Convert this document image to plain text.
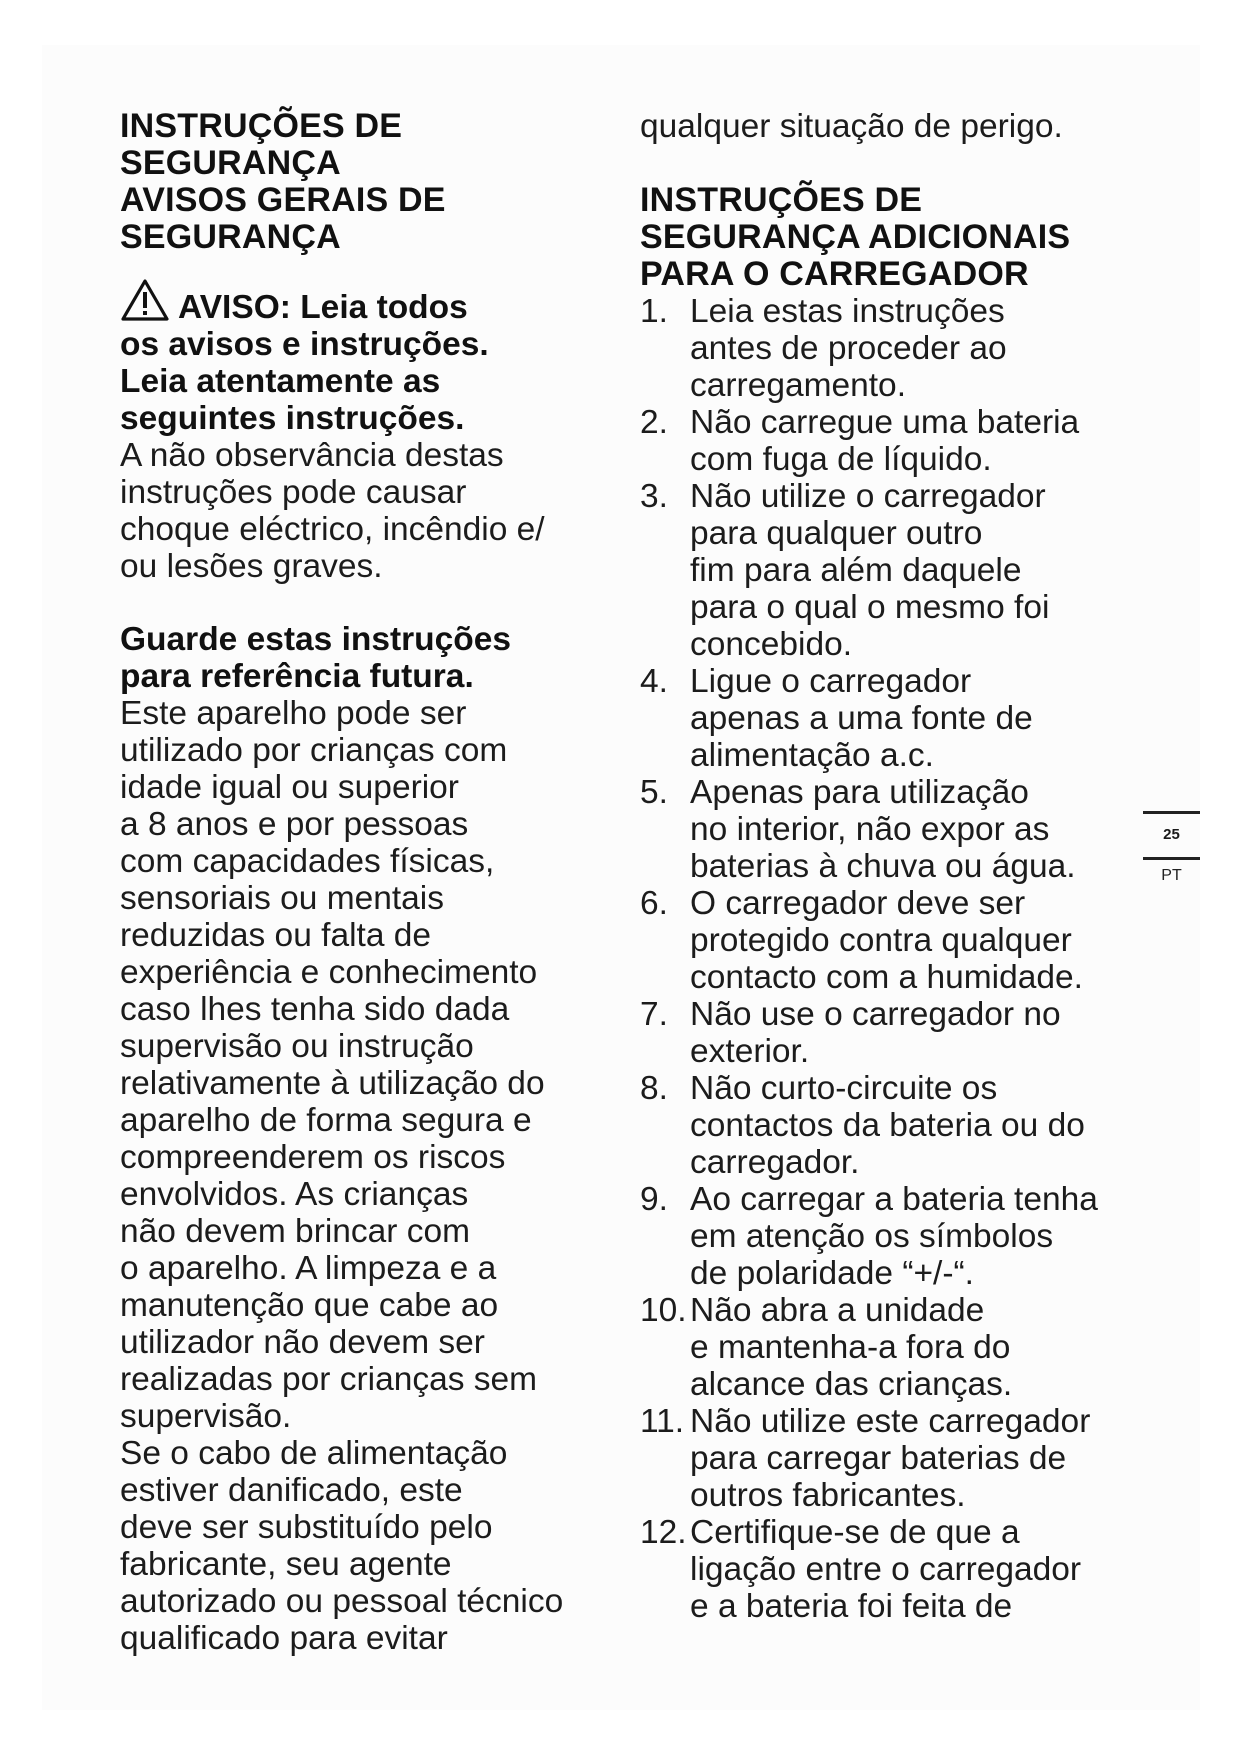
INSTRUÇÕES DE
SEGURANÇA
AVISOS GERAIS DE
SEGURANÇA
AVISO: Leia todos
os avisos e instruções.
Leia atentamente as
seguintes instruções.
A não observância destas
instruções pode causar
choque eléctrico, incêndio e/
ou lesões graves.
Guarde estas instruções
para referência futura.
Este aparelho pode ser
utilizado por crianças com
idade igual ou superior
a 8 anos e por pessoas
com capacidades físicas,
sensoriais ou mentais
reduzidas ou falta de
experiência e conhecimento
caso lhes tenha sido dada
supervisão ou instrução
relativamente à utilização do
aparelho de forma segura e
compreenderem os riscos
envolvidos. As crianças
não devem brincar com
o aparelho. A limpeza e a
manutenção que cabe ao
utilizador não devem ser
realizadas por crianças sem
supervisão.
Se o cabo de alimentação
estiver danificado, este
deve ser substituído pelo
fabricante, seu agente
autorizado ou pessoal técnico
qualificado para evitar
qualquer situação de perigo.
INSTRUÇÕES DE
SEGURANÇA ADICIONAIS
PARA O CARREGADOR
1. Leia estas instruções
antes de proceder ao
carregamento.
2. Não carregue uma bateria
com fuga de líquido.
3. Não utilize o carregador
para qualquer outro
fim para além daquele
para o qual o mesmo foi
concebido.
4. Ligue o carregador
apenas a uma fonte de
alimentação a.c.
5. Apenas para utilização
no interior, não expor as
baterias à chuva ou água.
6. O carregador deve ser
protegido contra qualquer
contacto com a humidade.
7. Não use o carregador no
exterior.
8. Não curto-circuite os
contactos da bateria ou do
carregador.
9. Ao carregar a bateria tenha
em atenção os símbolos
de polaridade “+/-“.
10. Não abra a unidade
e mantenha-a fora do
alcance das crianças.
11. Não utilize este carregador
para carregar baterias de
outros fabricantes.
12. Certifique-se de que a
ligação entre o carregador
e a bateria foi feita de
25
PT
